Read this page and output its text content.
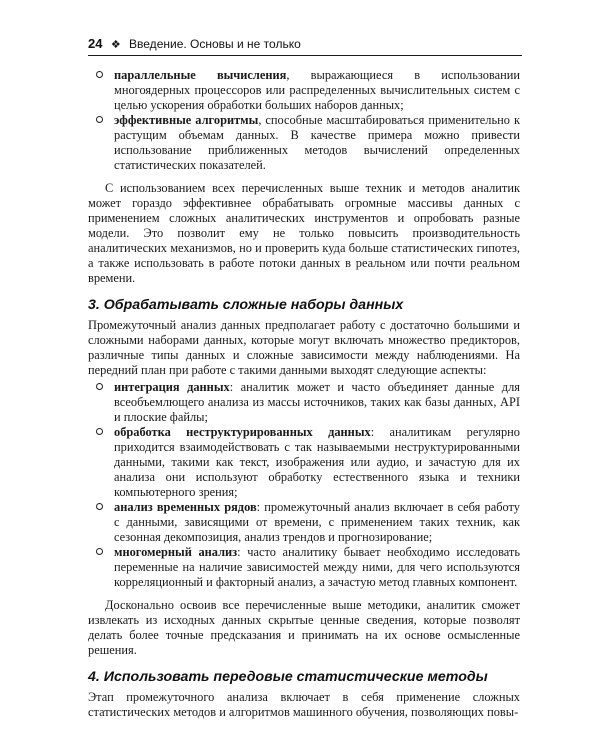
24 ❖ Введение. Основы и не только
параллельные вычисления, выражающиеся в использовании многоядерных процессоров или распределенных вычислительных систем с целью ускорения обработки больших наборов данных;
эффективные алгоритмы, способные масштабироваться применительно к растущим объемам данных. В качестве примера можно привести использование приближенных методов вычислений определенных статистических показателей.

С использованием всех перечисленных выше техник и методов аналитик может гораздо эффективнее обрабатывать огромные массивы данных с применением сложных аналитических инструментов и опробовать разные модели. Это позволит ему не только повысить производительность аналитических механизмов, но и проверить куда больше статистических гипотез, а также использовать в работе потоки данных в реальном или почти реальном времени.

3. Обрабатывать сложные наборы данных

Промежуточный анализ данных предполагает работу с достаточно большими и сложными наборами данных, которые могут включать множество предикторов, различные типы данных и сложные зависимости между наблюдениями. На передний план при работе с такими данными выходят следующие аспекты:

интеграция данных: аналитик может и часто объединяет данные для всеобъемлющего анализа из массы источников, таких как базы данных, API и плоские файлы;
обработка неструктурированных данных: аналитикам регулярно приходится взаимодействовать с так называемыми неструктурированными данными, такими как текст, изображения или аудио, и зачастую для их анализа они используют обработку естественного языка и техники компьютерного зрения;
анализ временных рядов: промежуточный анализ включает в себя работу с данными, зависящими от времени, с применением таких техник, как сезонная декомпозиция, анализ трендов и прогнозирование;
многомерный анализ: часто аналитику бывает необходимо исследовать переменные на наличие зависимостей между ними, для чего используются корреляционный и факторный анализ, а зачастую метод главных компонент.

Досконально освоив все перечисленные выше методики, аналитик сможет извлекать из исходных данных скрытые ценные сведения, которые позволят делать более точные предсказания и принимать на их основе осмысленные решения.

4. Использовать передовые статистические методы

Этап промежуточного анализа включает в себя применение сложных статистических методов и алгоритмов машинного обучения, позволяющих повы-
